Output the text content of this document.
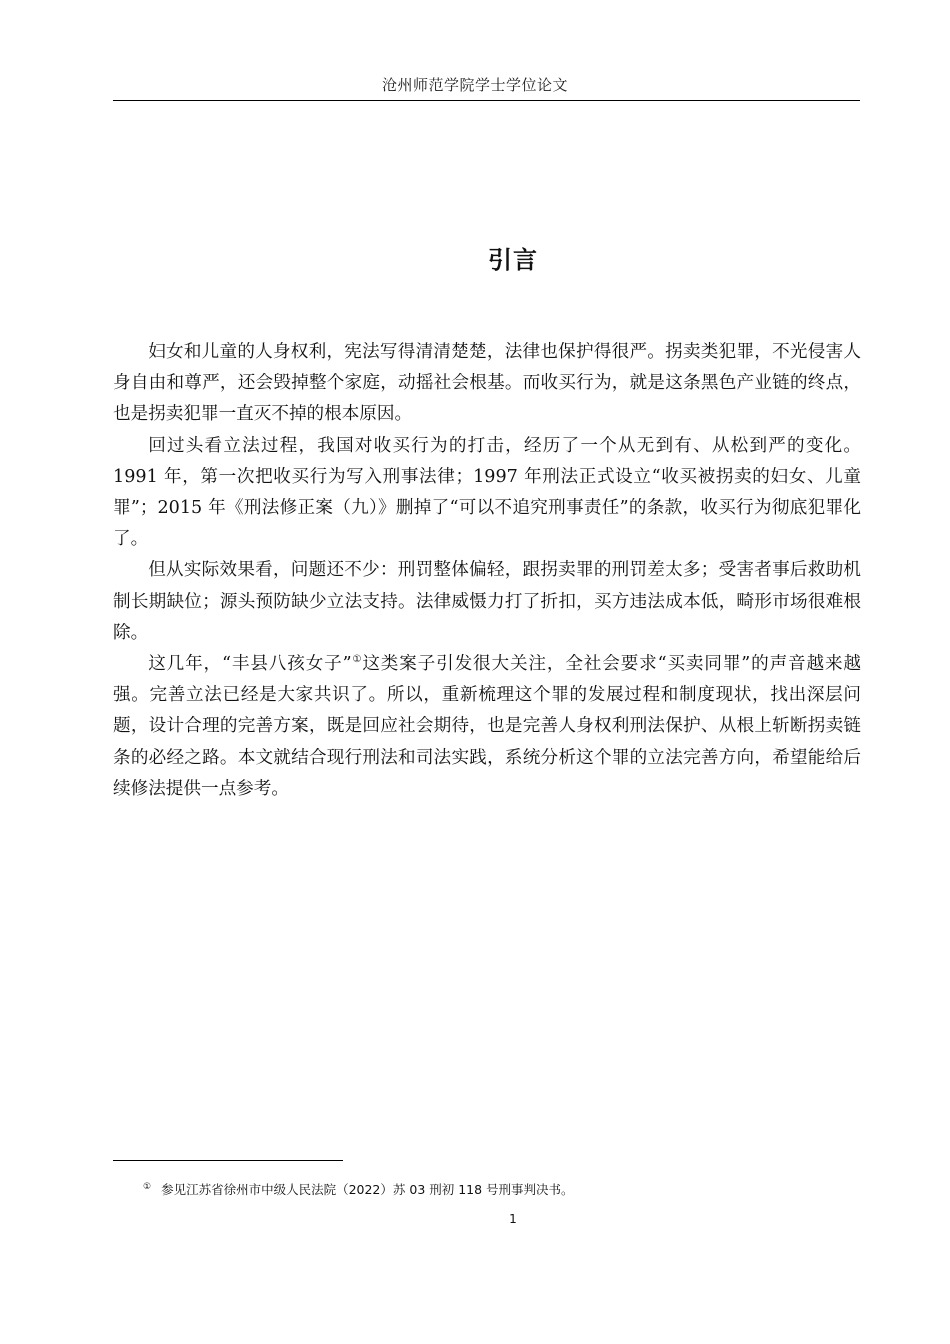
沧州师范学院学士学位论文
引言

妇女和儿童的人身权利，宪法写得清清楚楚，法律也保护得很严。拐卖类犯罪，不光侵害人身自由和尊严，还会毁掉整个家庭，动摇社会根基。而收买行为，就是这条黑色产业链的终点，也是拐卖犯罪一直灭不掉的根本原因。

回过头看立法过程，我国对收买行为的打击，经历了一个从无到有、从松到严的变化。1991 年，第一次把收买行为写入刑事法律；1997 年刑法正式设立“收买被拐卖的妇女、儿童罪”；2015 年《刑法修正案（九）》删掉了“可以不追究刑事责任”的条款，收买行为彻底犯罪化了。

但从实际效果看，问题还不少：刑罚整体偏轻，跟拐卖罪的刑罚差太多；受害者事后救助机制长期缺位；源头预防缺少立法支持。法律威慑力打了折扣，买方违法成本低，畸形市场很难根除。

这几年，“丰县八孩女子”①这类案子引发很大关注，全社会要求“买卖同罪”的声音越来越强。完善立法已经是大家共识了。所以，重新梳理这个罪的发展过程和制度现状，找出深层问题，设计合理的完善方案，既是回应社会期待，也是完善人身权利刑法保护、从根上斩断拐卖链条的必经之路。本文就结合现行刑法和司法实践，系统分析这个罪的立法完善方向，希望能给后续修法提供一点参考。

① 参见江苏省徐州市中级人民法院（2022）苏 03 刑初 118 号刑事判决书。
1
